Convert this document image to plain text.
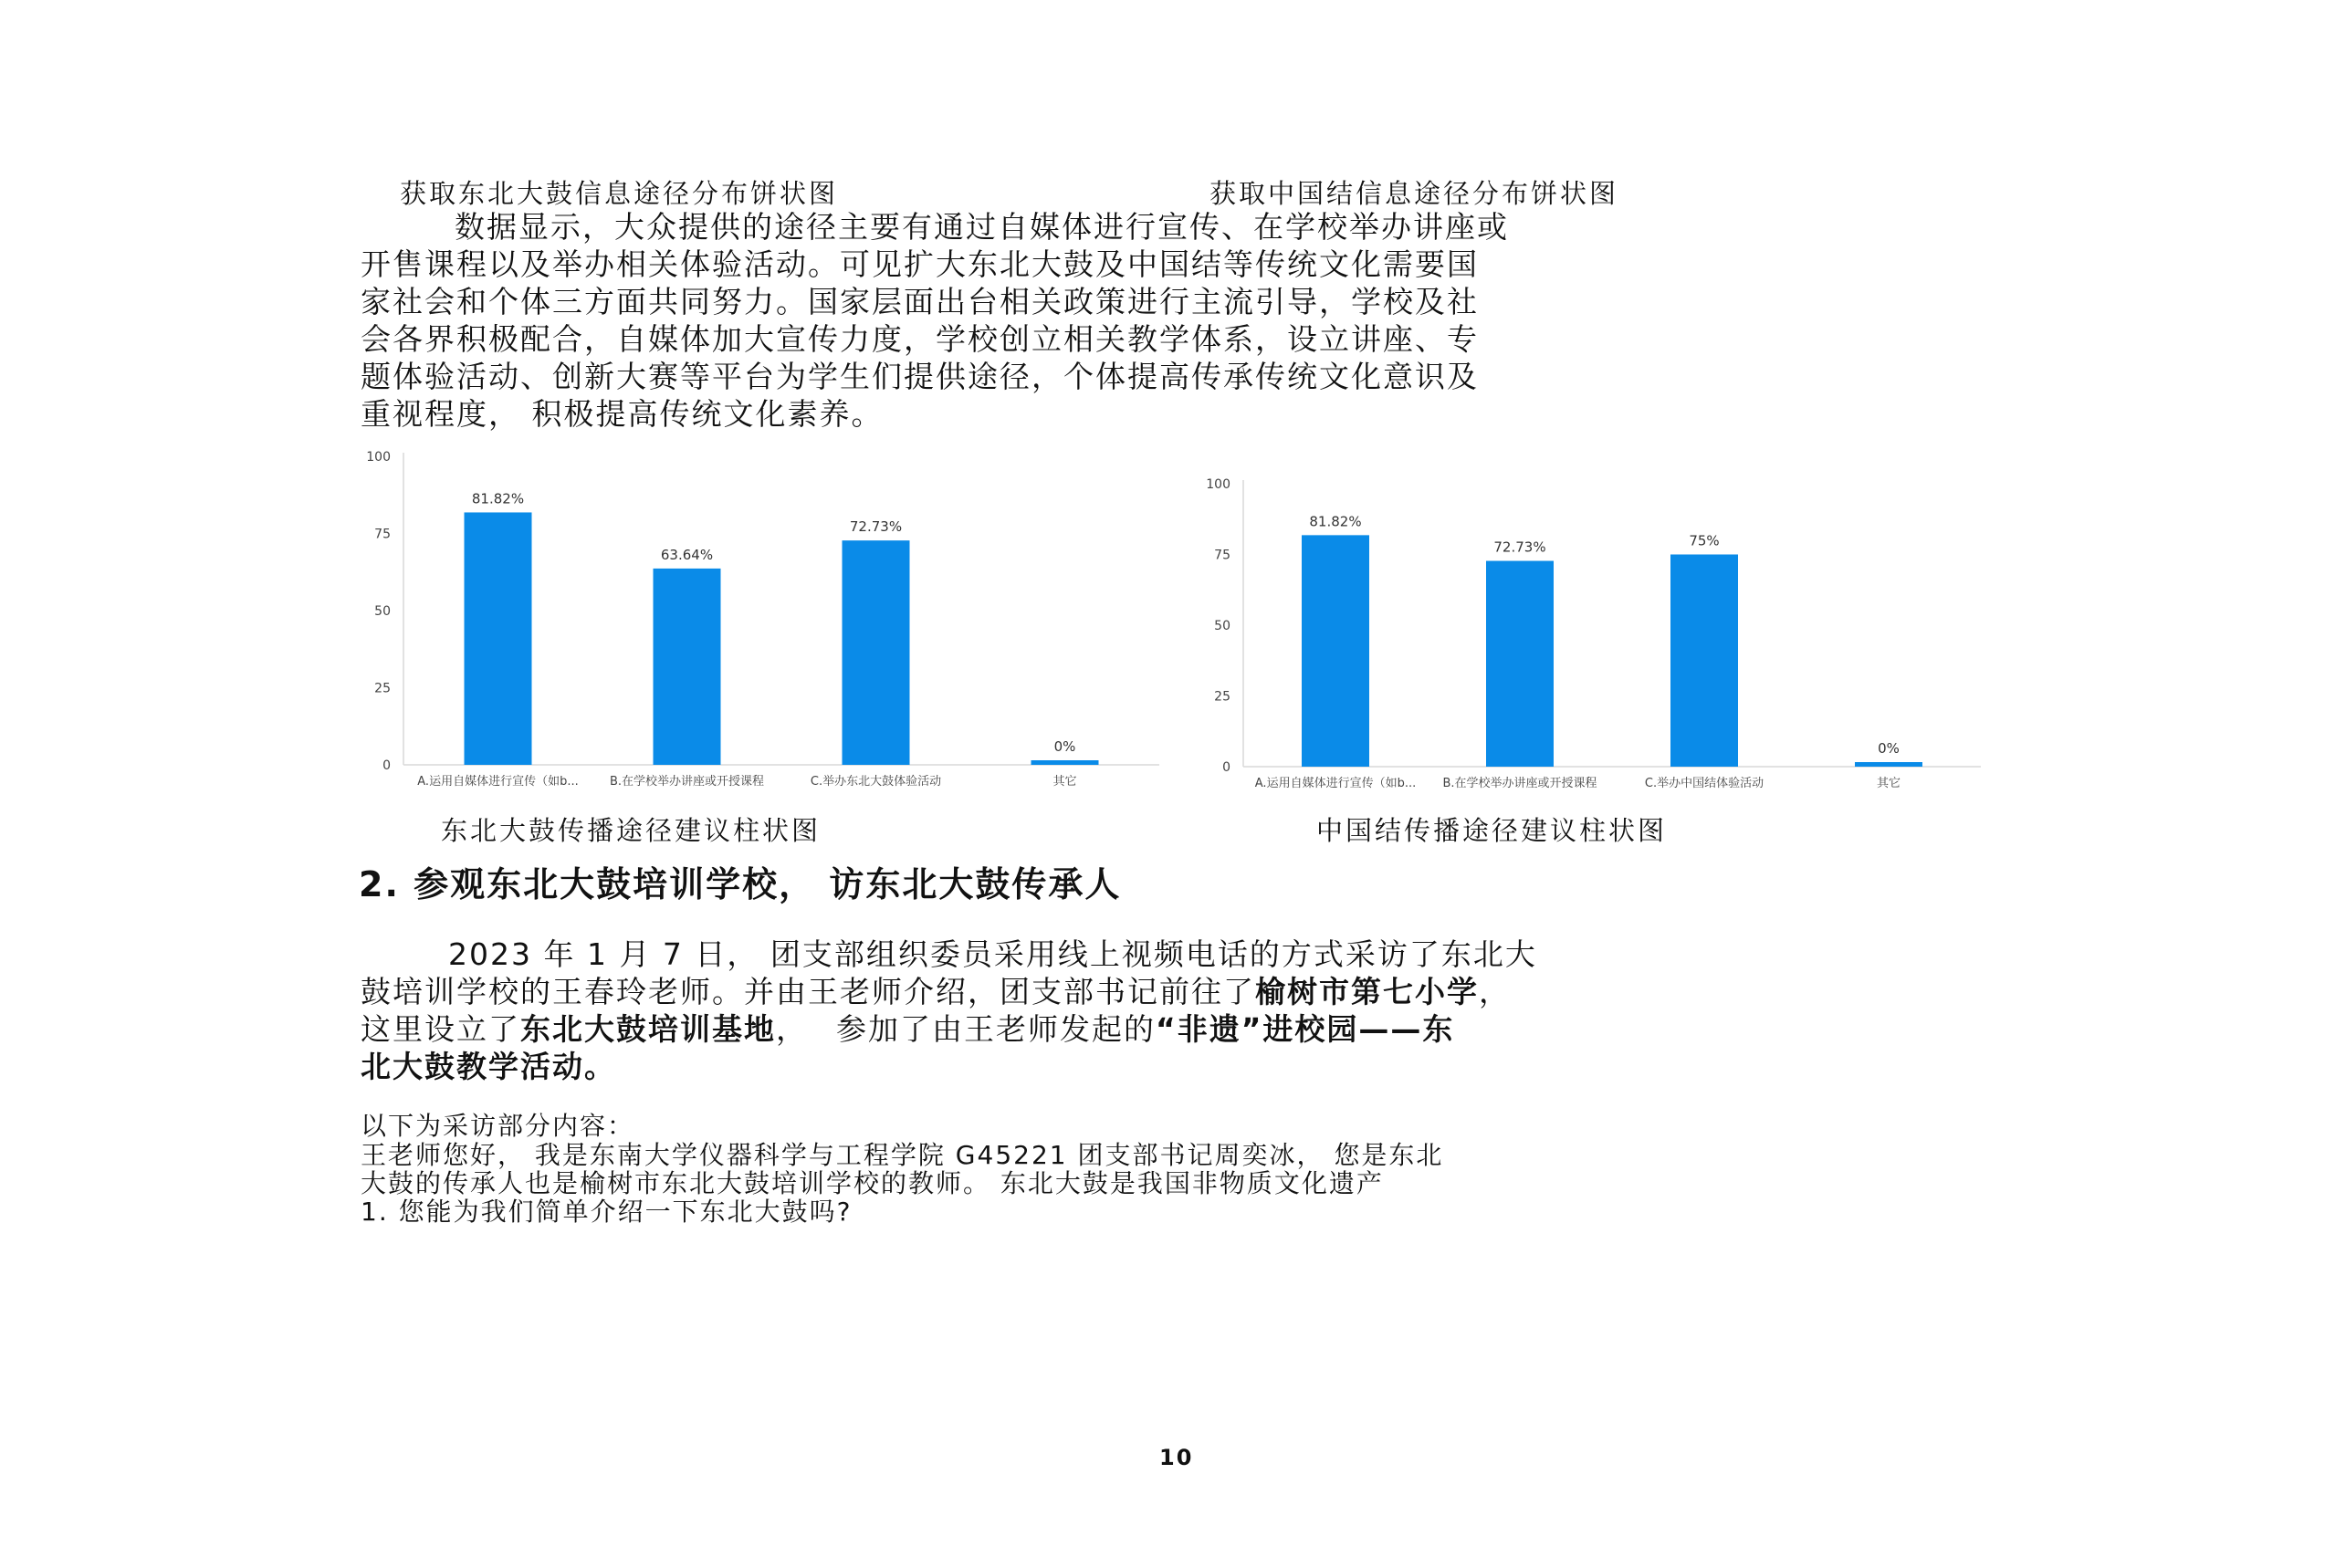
获取东北大鼓信息途径分布饼状图	获取中国结信息途径分布饼状图
数据显示，大众提供的途径主要有通过自媒体进行宣传、在学校举办讲座或
开售课程以及举办相关体验活动。可见扩大东北大鼓及中国结等传统文化需要国
家社会和个体三方面共同努力。国家层面出台相关政策进行主流引导，学校及社
会各界积极配合，自媒体加大宣传力度，学校创立相关教学体系，设立讲座、专
题体验活动、创新大赛等平台为学生们提供途径，个体提高传承传统文化意识及
重视程度， 积极提高传统文化素养。
100
75
50
25
0
81.82%
A.运用自媒体进行宣传（如b...
63.64%
B.在学校举办讲座或开授课程
72.73%
C.举办东北大鼓体验活动
0%
其它
100
75
50
25
0
81.82%
A.运用自媒体进行宣传（如b...
72.73%
B.在学校举办讲座或开授课程
75%
C.举办中国结体验活动
0%
其它
东北大鼓传播途径建议柱状图	中国结传播途径建议柱状图
2. 参观东北大鼓培训学校， 访东北大鼓传承人
2023 年 1 月 7 日， 团支部组织委员采用线上视频电话的方式采访了东北大
鼓培训学校的王春玲老师。并由王老师介绍，团支部书记前往了榆树市第七小学，
这里设立了东北大鼓培训基地，　 参加了由王老师发起的“非遗”进校园——东
北大鼓教学活动。
以下为采访部分内容：
王老师您好， 我是东南大学仪器科学与工程学院 G45221 团支部书记周奕冰， 您是东北
大鼓的传承人也是榆树市东北大鼓培训学校的教师。 东北大鼓是我国非物质文化遗产
1. 您能为我们简单介绍一下东北大鼓吗?
10
